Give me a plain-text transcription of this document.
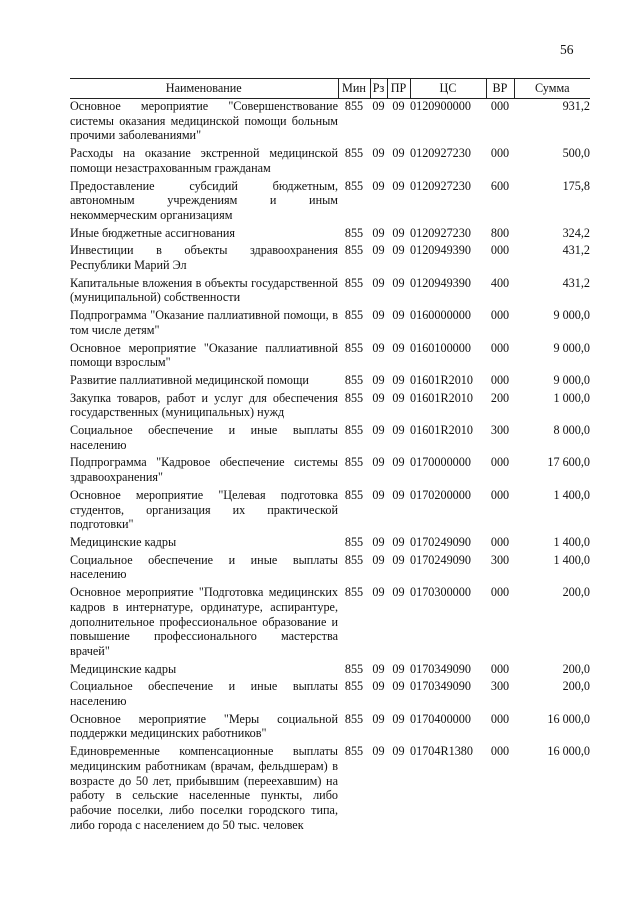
56
Наименование	Мин	Рз	ПР	ЦС	ВР	Сумма
Основное мероприятие "Совершенствование системы оказания медицинской помощи больным прочими заболеваниями"	855	09	09	0120900000	000	931,2
Расходы на оказание экстренной медицинской помощи незастрахованным гражданам	855	09	09	0120927230	000	500,0
Предоставление субсидий бюджетным, автономным учреждениям и иным некоммерческим организациям	855	09	09	0120927230	600	175,8
Иные бюджетные ассигнования	855	09	09	0120927230	800	324,2
Инвестиции в объекты здравоохранения Республики Марий Эл	855	09	09	0120949390	000	431,2
Капитальные вложения в объекты государственной (муниципальной) собственности	855	09	09	0120949390	400	431,2
Подпрограмма "Оказание паллиативной помощи, в том числе детям"	855	09	09	0160000000	000	9 000,0
Основное мероприятие "Оказание паллиативной помощи взрослым"	855	09	09	0160100000	000	9 000,0
Развитие паллиативной медицинской помощи	855	09	09	01601R2010	000	9 000,0
Закупка товаров, работ и услуг для обеспечения государственных (муниципальных) нужд	855	09	09	01601R2010	200	1 000,0
Социальное обеспечение и иные выплаты населению	855	09	09	01601R2010	300	8 000,0
Подпрограмма "Кадровое обеспечение системы здравоохранения"	855	09	09	0170000000	000	17 600,0
Основное мероприятие "Целевая подготовка студентов, организация их практической подготовки"	855	09	09	0170200000	000	1 400,0
Медицинские кадры	855	09	09	0170249090	000	1 400,0
Социальное обеспечение и иные выплаты населению	855	09	09	0170249090	300	1 400,0
Основное мероприятие "Подготовка медицинских кадров в интернатуре, ординатуре, аспирантуре, дополнительное профессиональное образование и повышение профессионального мастерства врачей"	855	09	09	0170300000	000	200,0
Медицинские кадры	855	09	09	0170349090	000	200,0
Социальное обеспечение и иные выплаты населению	855	09	09	0170349090	300	200,0
Основное мероприятие "Меры социальной поддержки медицинских работников"	855	09	09	0170400000	000	16 000,0
Единовременные компенсационные выплаты медицинским работникам (врачам, фельдшерам) в возрасте до 50 лет, прибывшим (переехавшим) на работу в сельские населенные пункты, либо рабочие поселки, либо поселки городского типа, либо города с населением до 50 тыс. человек	855	09	09	01704R1380	000	16 000,0
